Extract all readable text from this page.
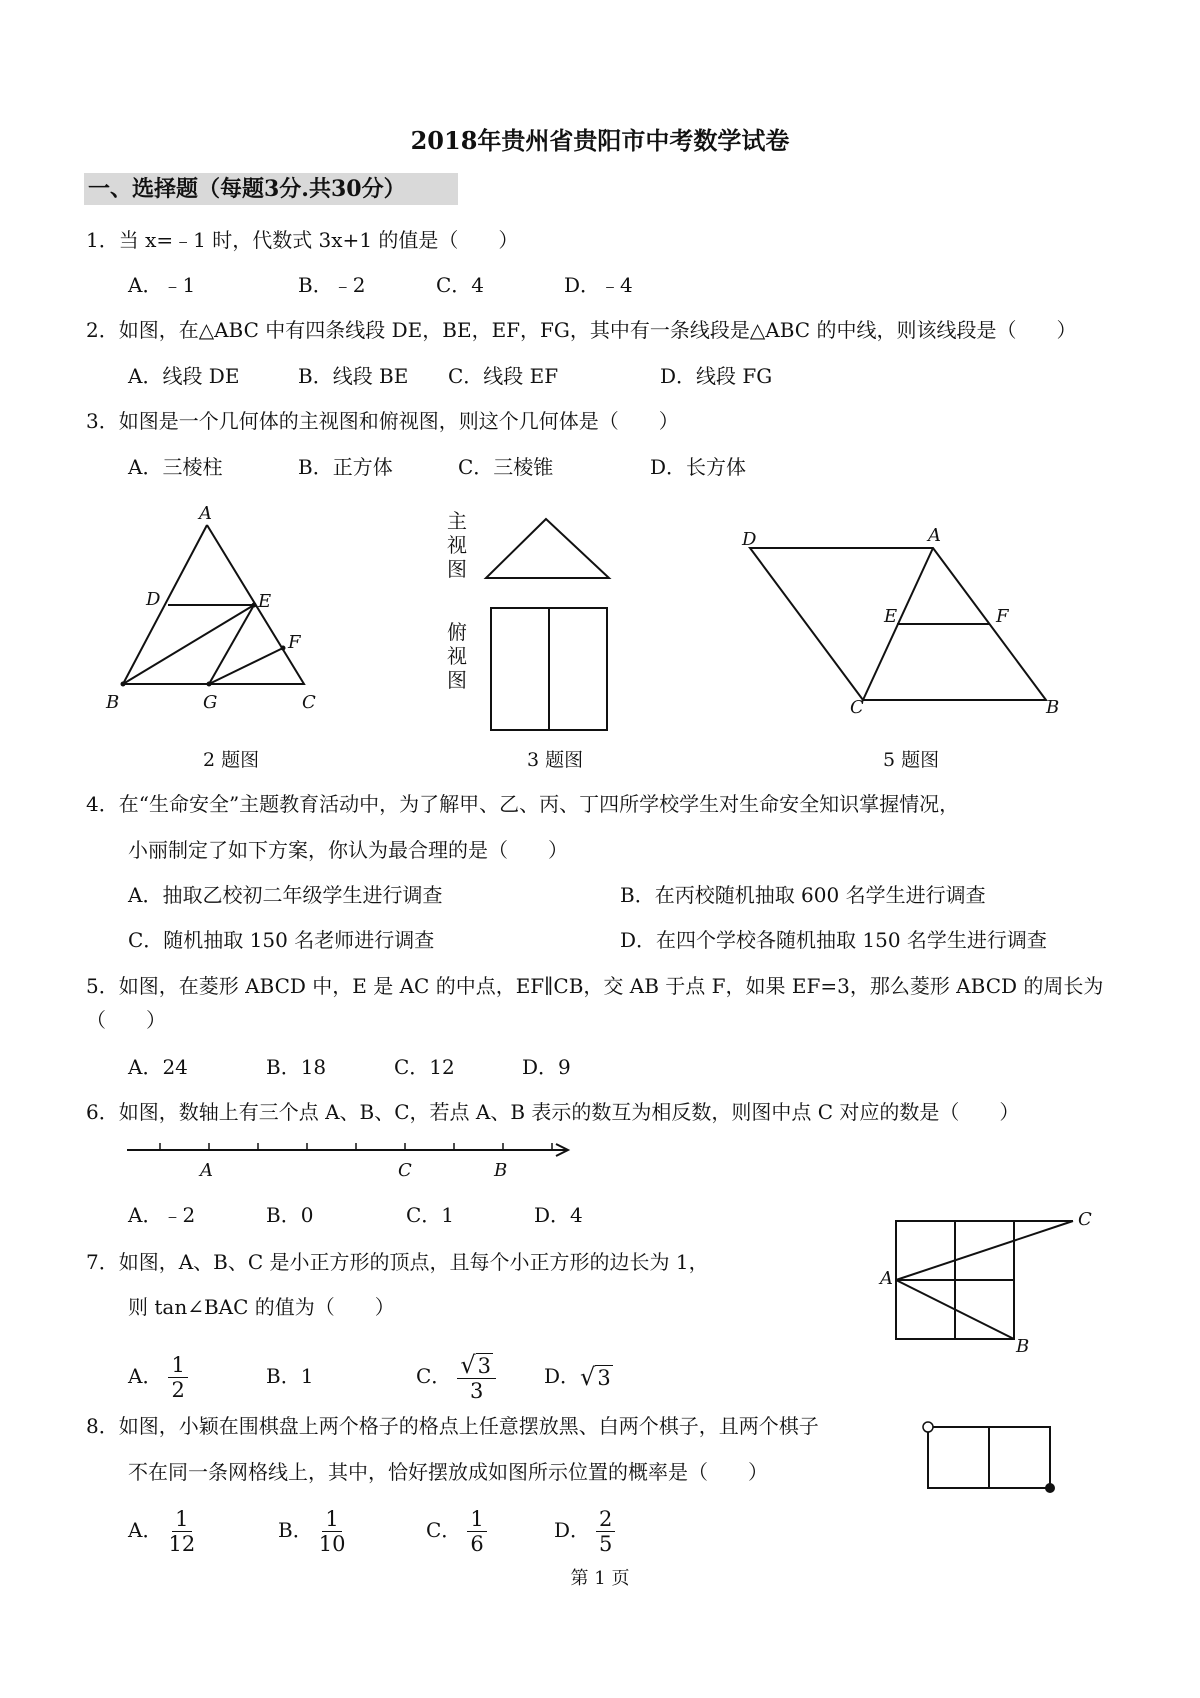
2018年贵州省贵阳市中考数学试卷
一、选择题（每题3分.共30分）
1．当 x=﹣1 时，代数式 3x+1 的值是（　　）
A．﹣1	B．﹣2	C．4	D．﹣4
2．如图，在△ABC 中有四条线段 DE，BE，EF，FG，其中有一条线段是△ABC 的中线，则该线段是（　　）
A．线段 DE	B．线段 BE C．线段 EF	D．线段 FG
3．如图是一个几何体的主视图和俯视图，则这个几何体是（　　）
A．三棱柱	B．正方体	C．三棱锥	D．长方体
A
D	E
F
B	G	C
2 题图
主
视
图
俯
视
图
3 题图
D	A
E	F
C	B
5 题图
4．在“生命安全”主题教育活动中，为了解甲、乙、丙、丁四所学校学生对生命安全知识掌握情况，
小丽制定了如下方案，你认为最合理的是（　　）
A．抽取乙校初二年级学生进行调查	B．在丙校随机抽取 600 名学生进行调查
C．随机抽取 150 名老师进行调查	D．在四个学校各随机抽取 150 名学生进行调查
5．如图，在菱形 ABCD 中，E 是 AC 的中点，EF∥CB，交 AB 于点 F，如果 EF=3，那么菱形 ABCD 的周长为
（　　）
A．24	B．18	C．12	D．9
6．如图，数轴上有三个点 A、B、C，若点 A、B 表示的数互为相反数，则图中点 C 对应的数是（　　）
A	C	B
A．﹣2	B．0	C．1	D．4
7．如图，A、B、C 是小正方形的顶点，且每个小正方形的边长为 1，
则 tan∠BAC 的值为（　　）
A
C
B
A． $\frac{1}{2}$	B．1	C． $\frac{√3}{3}$ D．√3
8．如图，小颖在围棋盘上两个格子的格点上任意摆放黑、白两个棋子，且两个棋子
不在同一条网格线上，其中，恰好摆放成如图所示位置的概率是（　　）
A． $\frac{1}{12}$	B． $\frac{1}{10}$	C． $\frac{1}{6}$	D． $\frac{2}{5}$
第 1 页
